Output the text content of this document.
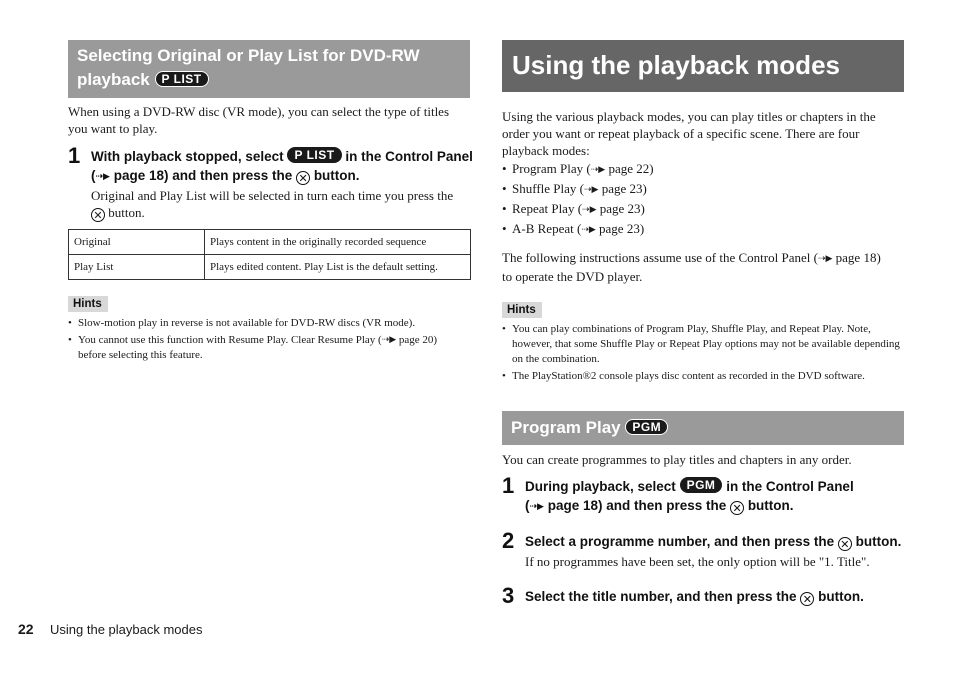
Selecting Original or Play List for DVD-RW
playback P LIST
When using a DVD-RW disc (VR mode), you can select the type of titles you want to play.
1 With playback stopped, select P LIST in the Control Panel
(⇢▶ page 18) and then press the ✕ button.
Original and Play List will be selected in turn each time you press the
✕ button.
Original	Plays content in the originally recorded sequence
Play List	Plays edited content. Play List is the default setting.
Hints
• Slow-motion play in reverse is not available for DVD-RW discs (VR mode).
• You cannot use this function with Resume Play. Clear Resume Play (⇢▶ page 20)
before selecting this feature.
Using the playback modes
Using the various playback modes, you can play titles or chapters in the order you want or repeat playback of a specific scene. There are four playback modes:
• Program Play (⇢▶ page 22)
• Shuffle Play (⇢▶ page 23)
• Repeat Play (⇢▶ page 23)
• A-B Repeat (⇢▶ page 23)
The following instructions assume use of the Control Panel (⇢▶ page 18)
to operate the DVD player.
Hints
• You can play combinations of Program Play, Shuffle Play, and Repeat Play. Note, however, that some Shuffle Play or Repeat Play options may not be available depending on the combination.
• The PlayStation®2 console plays disc content as recorded in the DVD software.
Program Play PGM
You can create programmes to play titles and chapters in any order.
1 During playback, select PGM in the Control Panel
(⇢▶ page 18) and then press the ✕ button.
2 Select a programme number, and then press the ✕ button.
If no programmes have been set, the only option will be "1. Title".
3 Select the title number, and then press the ✕ button.
22 Using the playback modes
